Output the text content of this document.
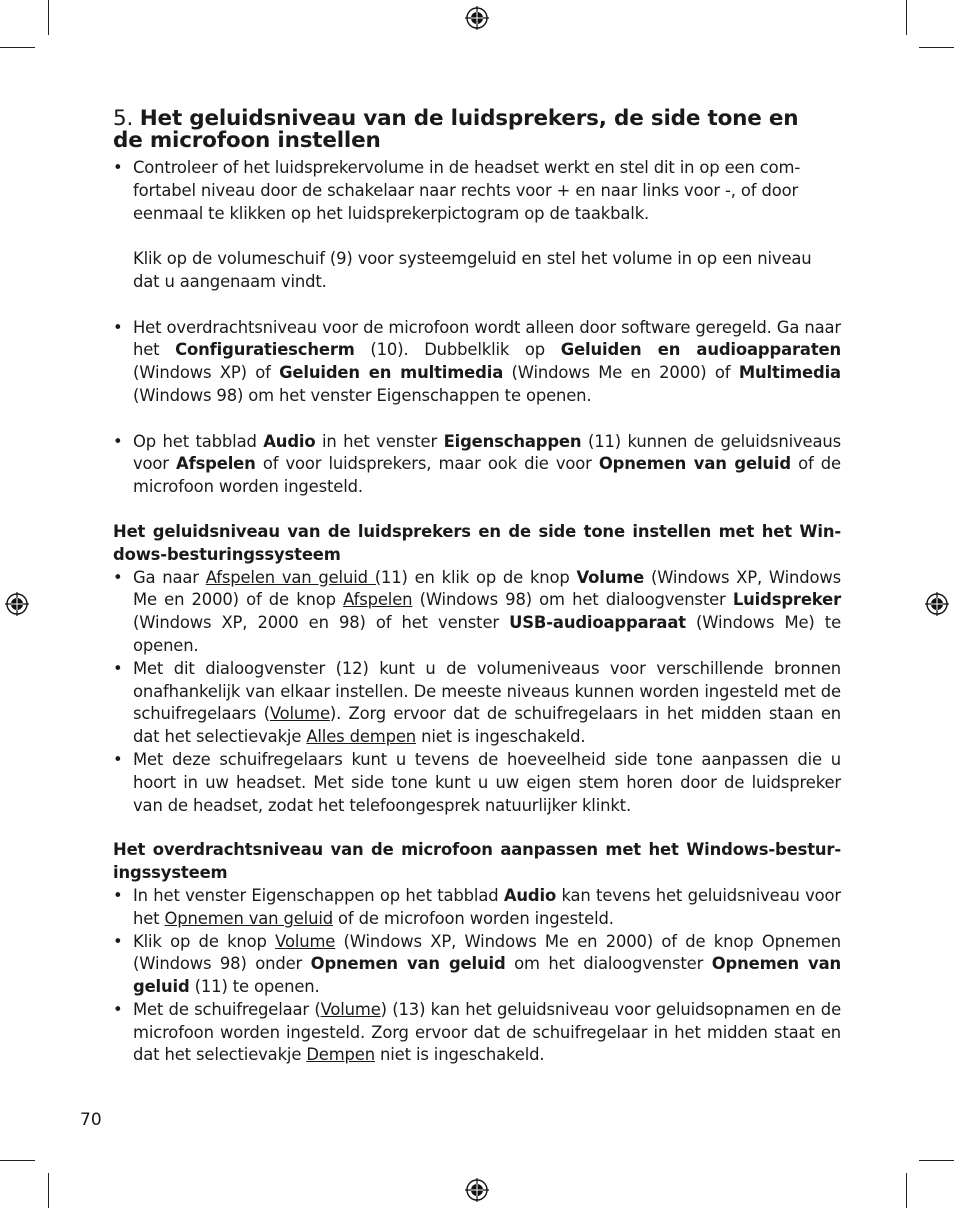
5. Het geluidsniveau van de luidsprekers, de side tone en
de microfoon instellen
• Controleer of het luidsprekervolume in de headset werkt en stel dit in op een com-
fortabel niveau door de schakelaar naar rechts voor + en naar links voor -, of door
eenmaal te klikken op het luidsprekerpictogram op de taakbalk.
Klik op de volumeschuif (9) voor systeemgeluid en stel het volume in op een niveau
dat u aangenaam vindt.
• Het overdrachtsniveau voor de microfoon wordt alleen door software geregeld. Ga naar het Configuratiescherm (10). Dubbelklik op Geluiden en audioapparaten (Windows XP) of Geluiden en multimedia (Windows Me en 2000) of Multimedia (Windows 98) om het venster Eigenschappen te openen.
• Op het tabblad Audio in het venster Eigenschappen (11) kunnen de geluidsniveaus voor Afspelen of voor luidsprekers, maar ook die voor Opnemen van geluid of de microfoon worden ingesteld.

Het geluidsniveau van de luidsprekers en de side tone instellen met het Win-dows-besturingssysteem

• Ga naar Afspelen van geluid (11) en klik op de knop Volume (Windows XP, Windows Me en 2000) of de knop Afspelen (Windows 98) om het dialoogvenster Luidspreker (Windows XP, 2000 en 98) of het venster USB-audioapparaat (Windows Me) te openen.
• Met dit dialoogvenster (12) kunt u de volumeniveaus voor verschillende bronnen onafhankelijk van elkaar instellen. De meeste niveaus kunnen worden ingesteld met de schuifregelaars (Volume). Zorg ervoor dat de schuifregelaars in het midden staan en dat het selectievakje Alles dempen niet is ingeschakeld.
• Met deze schuifregelaars kunt u tevens de hoeveelheid side tone aanpassen die u hoort in uw headset. Met side tone kunt u uw eigen stem horen door de luidspreker van de headset, zodat het telefoongesprek natuurlijker klinkt.

Het overdrachtsniveau van de microfoon aanpassen met het Windows-bestur-ingssysteem

• In het venster Eigenschappen op het tabblad Audio kan tevens het geluidsniveau voor het Opnemen van geluid of de microfoon worden ingesteld.
• Klik op de knop Volume (Windows XP, Windows Me en 2000) of de knop Opnemen (Windows 98) onder Opnemen van geluid om het dialoogvenster Opnemen van geluid (11) te openen.
• Met de schuifregelaar (Volume) (13) kan het geluidsniveau voor geluidsopnamen en de microfoon worden ingesteld. Zorg ervoor dat de schuifregelaar in het midden staat en dat het selectievakje Dempen niet is ingeschakeld.
70
